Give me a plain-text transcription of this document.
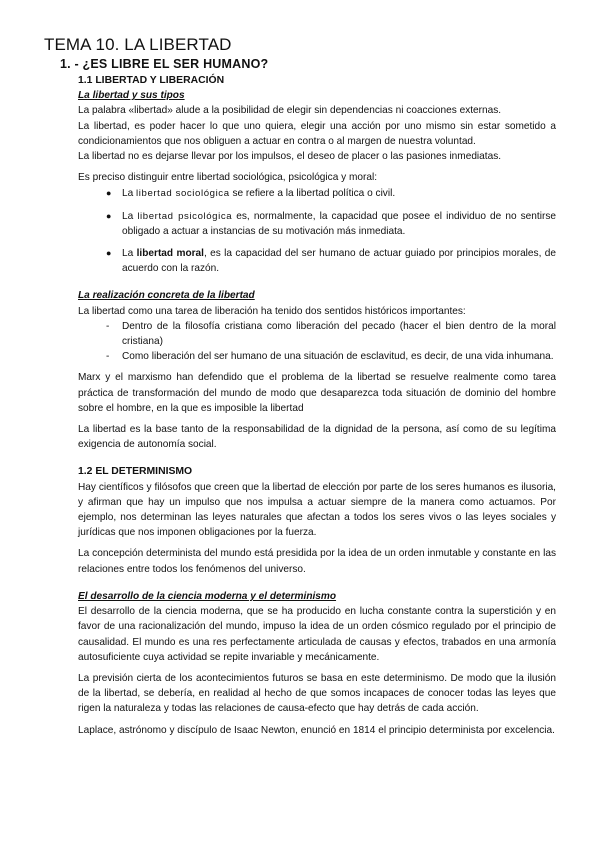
TEMA 10. LA LIBERTAD
1. - ¿ES LIBRE EL SER HUMANO?
1.1 LIBERTAD Y LIBERACIÓN
La libertad y sus tipos

La palabra «libertad» alude a la posibilidad de elegir sin dependencias ni coacciones externas.

La libertad, es poder hacer lo que uno quiera, elegir una acción por uno mismo sin estar sometido a condicionamientos que nos obliguen a actuar en contra o al margen de nuestra voluntad.

La libertad no es dejarse llevar por los impulsos, el deseo de placer o las pasiones inmediatas.

Es preciso distinguir entre libertad sociológica, psicológica y moral:

● La libertad sociológica se refiere a la libertad política o civil.
● La libertad psicológica es, normalmente, la capacidad que posee el individuo de no sentirse obligado a actuar a instancias de su motivación más inmediata.
● La libertad moral, es la capacidad del ser humano de actuar guiado por principios morales, de acuerdo con la razón.
La realización concreta de la libertad

La libertad como una tarea de liberación ha tenido dos sentidos históricos importantes:

- Dentro de la filosofía cristiana como liberación del pecado (hacer el bien dentro de la moral cristiana)
- Como liberación del ser humano de una situación de esclavitud, es decir, de una vida inhumana.

Marx y el marxismo han defendido que el problema de la libertad se resuelve realmente como tarea práctica de transformación del mundo de modo que desaparezca toda situación de dominio del hombre sobre el hombre, en la que es imposible la libertad

La libertad es la base tanto de la responsabilidad de la dignidad de la persona, así como de su legítima exigencia de autonomía social.

1.2 EL DETERMINISMO

Hay científicos y filósofos que creen que la libertad de elección por parte de los seres humanos es ilusoria, y afirman que hay un impulso que nos impulsa a actuar siempre de la manera como actuamos. Por ejemplo, nos determinan las leyes naturales que afectan a todos los seres vivos o las leyes sociales y jurídicas que nos imponen obligaciones por la fuerza.

La concepción determinista del mundo está presidida por la idea de un orden inmutable y constante en las relaciones entre todos los fenómenos del universo.

El desarrollo de la ciencia moderna y el determinismo

El desarrollo de la ciencia moderna, que se ha producido en lucha constante contra la superstición y en favor de una racionalización del mundo, impuso la idea de un orden cósmico regulado por el principio de causalidad. El mundo es una res perfectamente articulada de causas y efectos, trabados en una armonía autosuficiente cuya actividad se repite invariable y mecánicamente.

La previsión cierta de los acontecimientos futuros se basa en este determinismo. De modo que la ilusión de la libertad, se debería, en realidad al hecho de que somos incapaces de conocer todas las leyes que rigen la naturaleza y todas las relaciones de causa-efecto que hay detrás de cada acción.

Laplace, astrónomo y discípulo de Isaac Newton, enunció en 1814 el principio determinista por excelencia.
